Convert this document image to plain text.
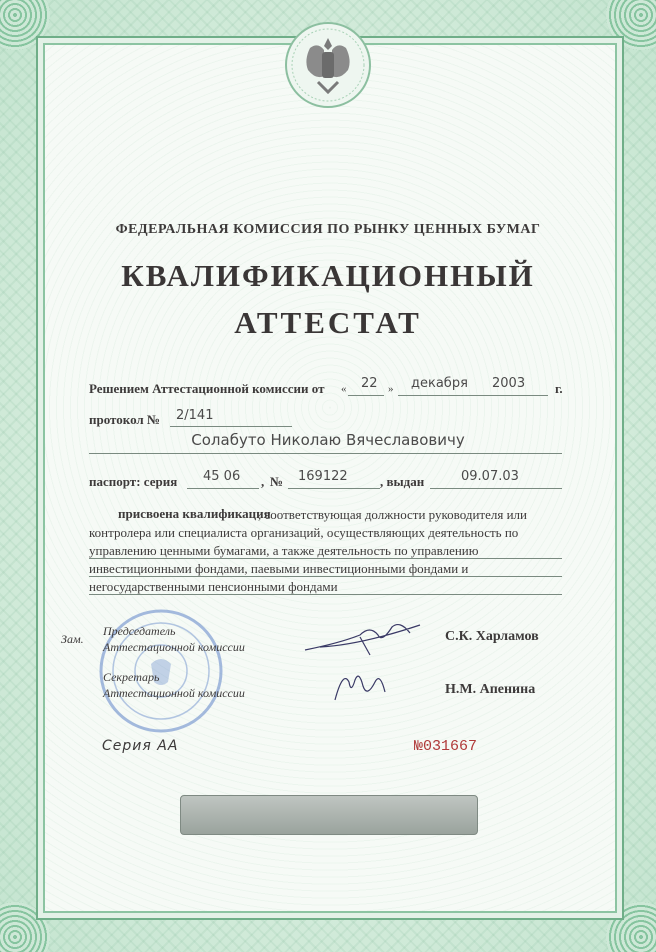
ФЕДЕРАЛЬНАЯ КОМИССИЯ ПО РЫНКУ ЦЕННЫХ БУМАГ
КВАЛИФИКАЦИОННЫЙ
АТТЕСТАТ
Решением Аттестационной комиссии от « 22 » декабря 2003 г.
протокол № 2/141
Солабуто Николаю Вячеславовичу
паспорт: серия 45 06 , № 169122 , выдан	09.07.03
присвоена квалификация
, соответствующая должности руководителя или
контролера или специалиста организаций, осуществляющих деятельность по
управлению ценными бумагами, а также деятельность по управлению
инвестиционными фондами, паевыми инвестиционными фондами и
негосударственными пенсионными фондами
Зам.
Председатель
Аттестационной комиссии
С.К. Харламов
Секретарь
Аттестационной комиссии	Н.М. Апенина
Серия АА	№031667
